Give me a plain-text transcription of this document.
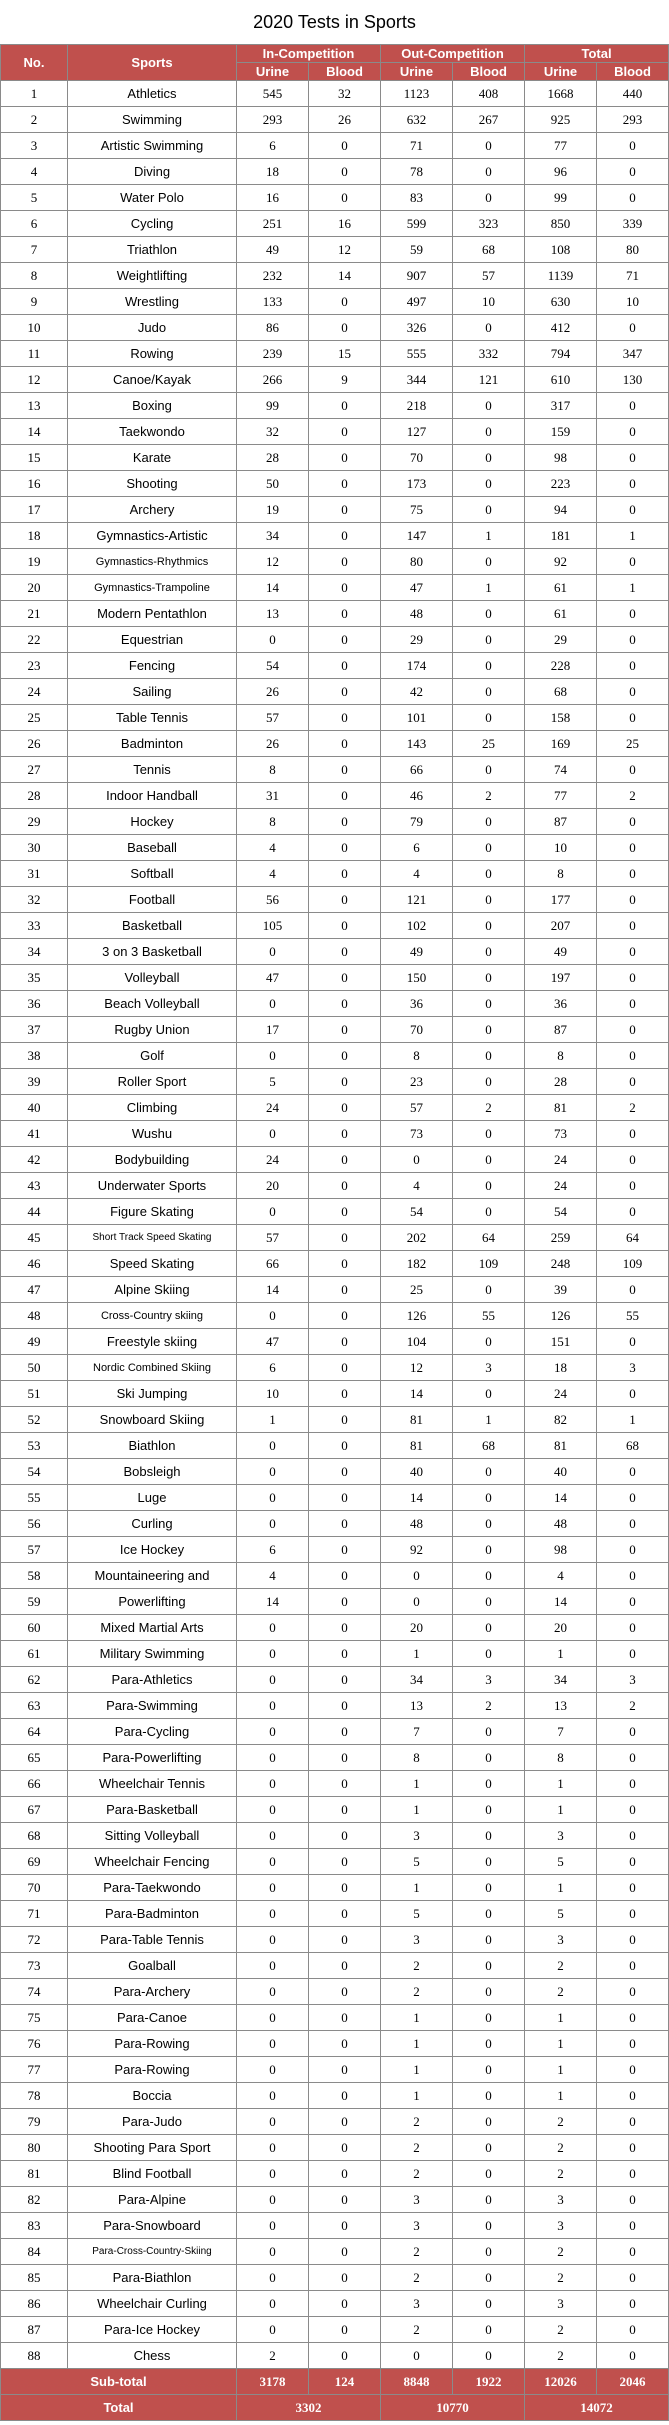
2020 Tests in Sports
No.	Sports	In-Competition		Out-Competition		Total	
		Urine	Blood	Urine	Blood	Urine	Blood
1	Athletics	545	32	1123	408	1668	440
2	Swimming	293	26	632	267	925	293
3	Artistic Swimming	6	0	71	0	77	0
4	Diving	18	0	78	0	96	0
5	Water Polo	16	0	83	0	99	0
6	Cycling	251	16	599	323	850	339
7	Triathlon	49	12	59	68	108	80
8	Weightlifting	232	14	907	57	1139	71
9	Wrestling	133	0	497	10	630	10
10	Judo	86	0	326	0	412	0
11	Rowing	239	15	555	332	794	347
12	Canoe/Kayak	266	9	344	121	610	130
13	Boxing	99	0	218	0	317	0
14	Taekwondo	32	0	127	0	159	0
15	Karate	28	0	70	0	98	0
16	Shooting	50	0	173	0	223	0
17	Archery	19	0	75	0	94	0
18	Gymnastics-Artistic	34	0	147	1	181	1
19	Gymnastics-Rhythmics	12	0	80	0	92	0
20	Gymnastics-Trampoline	14	0	47	1	61	1
21	Modern Pentathlon	13	0	48	0	61	0
22	Equestrian	0	0	29	0	29	0
23	Fencing	54	0	174	0	228	0
24	Sailing	26	0	42	0	68	0
25	Table Tennis	57	0	101	0	158	0
26	Badminton	26	0	143	25	169	25
27	Tennis	8	0	66	0	74	0
28	Indoor Handball	31	0	46	2	77	2
29	Hockey	8	0	79	0	87	0
30	Baseball	4	0	6	0	10	0
31	Softball	4	0	4	0	8	0
32	Football	56	0	121	0	177	0
33	Basketball	105	0	102	0	207	0
34	3 on 3 Basketball	0	0	49	0	49	0
35	Volleyball	47	0	150	0	197	0
36	Beach Volleyball	0	0	36	0	36	0
37	Rugby Union	17	0	70	0	87	0
38	Golf	0	0	8	0	8	0
39	Roller Sport	5	0	23	0	28	0
40	Climbing	24	0	57	2	81	2
41	Wushu	0	0	73	0	73	0
42	Bodybuilding	24	0	0	0	24	0
43	Underwater Sports	20	0	4	0	24	0
44	Figure Skating	0	0	54	0	54	0
45	Short Track Speed Skating	57	0	202	64	259	64
46	Speed Skating	66	0	182	109	248	109
47	Alpine Skiing	14	0	25	0	39	0
48	Cross-Country skiing	0	0	126	55	126	55
49	Freestyle skiing	47	0	104	0	151	0
50	Nordic Combined Skiing	6	0	12	3	18	3
51	Ski Jumping	10	0	14	0	24	0
52	Snowboard Skiing	1	0	81	1	82	1
53	Biathlon	0	0	81	68	81	68
54	Bobsleigh	0	0	40	0	40	0
55	Luge	0	0	14	0	14	0
56	Curling	0	0	48	0	48	0
57	Ice Hockey	6	0	92	0	98	0
58	Mountaineering and	4	0	0	0	4	0
59	Powerlifting	14	0	0	0	14	0
60	Mixed Martial Arts	0	0	20	0	20	0
61	Military Swimming	0	0	1	0	1	0
62	Para-Athletics	0	0	34	3	34	3
63	Para-Swimming	0	0	13	2	13	2
64	Para-Cycling	0	0	7	0	7	0
65	Para-Powerlifting	0	0	8	0	8	0
66	Wheelchair Tennis	0	0	1	0	1	0
67	Para-Basketball	0	0	1	0	1	0
68	Sitting Volleyball	0	0	3	0	3	0
69	Wheelchair Fencing	0	0	5	0	5	0
70	Para-Taekwondo	0	0	1	0	1	0
71	Para-Badminton	0	0	5	0	5	0
72	Para-Table Tennis	0	0	3	0	3	0
73	Goalball	0	0	2	0	2	0
74	Para-Archery	0	0	2	0	2	0
75	Para-Canoe	0	0	1	0	1	0
76	Para-Rowing	0	0	1	0	1	0
77	Para-Rowing	0	0	1	0	1	0
78	Boccia	0	0	1	0	1	0
79	Para-Judo	0	0	2	0	2	0
80	Shooting Para Sport	0	0	2	0	2	0
81	Blind Football	0	0	2	0	2	0
82	Para-Alpine	0	0	3	0	3	0
83	Para-Snowboard	0	0	3	0	3	0
84	Para-Cross-Country-Skiing	0	0	2	0	2	0
85	Para-Biathlon	0	0	2	0	2	0
86	Wheelchair Curling	0	0	3	0	3	0
87	Para-Ice Hockey	0	0	2	0	2	0
88	Chess	2	0	0	0	2	0
Sub-total		3178	124	8848	1922	12026	2046
Total		3302		10770		14072	
